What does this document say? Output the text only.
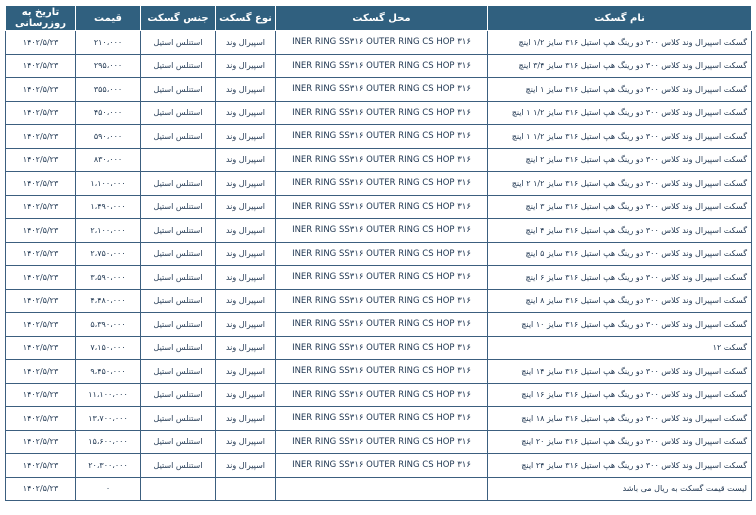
نام گسکت	محل گسکت	نوع گسکت	جنس گسکت	قیمت	تاریخ به روزرسانی
گسکت اسپیرال وند کلاس ۳۰۰ دو رینگ هپ استیل ۳۱۶ سایز ۱/۲ اینچ	INER RING SS۳۱۶ OUTER RING CS HOP ۳۱۶	اسپیرال وند	استنلس استیل	۲۱۰،۰۰۰	۱۴۰۲/۵/۲۳
گسکت اسپیرال وند کلاس ۳۰۰ دو رینگ هپ استیل ۳۱۶ سایز ۳/۴ اینچ	INER RING SS۳۱۶ OUTER RING CS HOP ۳۱۶	اسپیرال وند	استنلس استیل	۲۹۵،۰۰۰	۱۴۰۲/۵/۲۳
گسکت اسپیرال وند کلاس ۳۰۰ دو رینگ هپ استیل ۳۱۶ سایز ۱ اینچ	INER RING SS۳۱۶ OUTER RING CS HOP ۳۱۶	اسپیرال وند	استنلس استیل	۳۵۵،۰۰۰	۱۴۰۲/۵/۲۳
گسکت اسپیرال وند کلاس ۳۰۰ دو رینگ هپ استیل ۳۱۶ سایز ۱/۲ ۱ اینچ	INER RING SS۳۱۶ OUTER RING CS HOP ۳۱۶	اسپیرال وند	استنلس استیل	۴۵۰،۰۰۰	۱۴۰۲/۵/۲۳
گسکت اسپیرال وند کلاس ۳۰۰ دو رینگ هپ استیل ۳۱۶ سایز ۱/۲ ۱ اینچ	INER RING SS۳۱۶ OUTER RING CS HOP ۳۱۶	اسپیرال وند	استنلس استیل	۵۹۰،۰۰۰	۱۴۰۲/۵/۲۳
گسکت اسپیرال وند کلاس ۳۰۰ دو رینگ هپ استیل ۳۱۶ سایز ۲ اینچ	INER RING SS۳۱۶ OUTER RING CS HOP ۳۱۶	اسپیرال وند		۸۳۰،۰۰۰	۱۴۰۲/۵/۲۳
گسکت اسپیرال وند کلاس ۳۰۰ دو رینگ هپ استیل ۳۱۶ سایز ۱/۲ ۲ اینچ	INER RING SS۳۱۶ OUTER RING CS HOP ۳۱۶	اسپیرال وند	استنلس استیل	۱،۱۰۰،۰۰۰	۱۴۰۲/۵/۲۳
گسکت اسپیرال وند کلاس ۳۰۰ دو رینگ هپ استیل ۳۱۶ سایز ۳ اینچ	INER RING SS۳۱۶ OUTER RING CS HOP ۳۱۶	اسپیرال وند	استنلس استیل	۱،۴۹۰،۰۰۰	۱۴۰۲/۵/۲۳
گسکت اسپیرال وند کلاس ۳۰۰ دو رینگ هپ استیل ۳۱۶ سایز ۴ اینچ	INER RING SS۳۱۶ OUTER RING CS HOP ۳۱۶	اسپیرال وند	استنلس استیل	۲،۱۰۰،۰۰۰	۱۴۰۲/۵/۲۳
گسکت اسپیرال وند کلاس ۳۰۰ دو رینگ هپ استیل ۳۱۶ سایز ۵ اینچ	INER RING SS۳۱۶ OUTER RING CS HOP ۳۱۶	اسپیرال وند	استنلس استیل	۲،۷۵۰،۰۰۰	۱۴۰۲/۵/۲۳
گسکت اسپیرال وند کلاس ۳۰۰ دو رینگ هپ استیل ۳۱۶ سایز ۶ اینچ	INER RING SS۳۱۶ OUTER RING CS HOP ۳۱۶	اسپیرال وند	استنلس استیل	۳،۵۹۰،۰۰۰	۱۴۰۲/۵/۲۳
گسکت اسپیرال وند کلاس ۳۰۰ دو رینگ هپ استیل ۳۱۶ سایز ۸ اینچ	INER RING SS۳۱۶ OUTER RING CS HOP ۳۱۶	اسپیرال وند	استنلس استیل	۴،۴۸۰،۰۰۰	۱۴۰۲/۵/۲۳
گسکت اسپیرال وند کلاس ۳۰۰ دو رینگ هپ استیل ۳۱۶ سایز ۱۰ اینچ	INER RING SS۳۱۶ OUTER RING CS HOP ۳۱۶	اسپیرال وند	استنلس استیل	۵،۳۹۰،۰۰۰	۱۴۰۲/۵/۲۳
گسکت ۱۲	INER RING SS۳۱۶ OUTER RING CS HOP ۳۱۶	اسپیرال وند	استنلس استیل	۷،۱۵۰،۰۰۰	۱۴۰۲/۵/۲۳
گسکت اسپیرال وند کلاس ۳۰۰ دو رینگ هپ استیل ۳۱۶ سایز ۱۴ اینچ	INER RING SS۳۱۶ OUTER RING CS HOP ۳۱۶	اسپیرال وند	استنلس استیل	۹،۴۵۰،۰۰۰	۱۴۰۲/۵/۲۳
گسکت اسپیرال وند کلاس ۳۰۰ دو رینگ هپ استیل ۳۱۶ سایز ۱۶ اینچ	INER RING SS۳۱۶ OUTER RING CS HOP ۳۱۶	اسپیرال وند	استنلس استیل	۱۱،۱۰۰،۰۰۰	۱۴۰۲/۵/۲۳
گسکت اسپیرال وند کلاس ۳۰۰ دو رینگ هپ استیل ۳۱۶ سایز ۱۸ اینچ	INER RING SS۳۱۶ OUTER RING CS HOP ۳۱۶	اسپیرال وند	استنلس استیل	۱۳،۷۰۰،۰۰۰	۱۴۰۲/۵/۲۳
گسکت اسپیرال وند کلاس ۳۰۰ دو رینگ هپ استیل ۳۱۶ سایز ۲۰ اینچ	INER RING SS۳۱۶ OUTER RING CS HOP ۳۱۶	اسپیرال وند	استنلس استیل	۱۵،۶۰۰،۰۰۰	۱۴۰۲/۵/۲۳
گسکت اسپیرال وند کلاس ۳۰۰ دو رینگ هپ استیل ۳۱۶ سایز ۲۴ اینچ	INER RING SS۳۱۶ OUTER RING CS HOP ۳۱۶	اسپیرال وند	استنلس استیل	۲۰،۳۰۰،۰۰۰	۱۴۰۲/۵/۲۳
لیست قیمت گسکت به ریال می باشد				۰	۱۴۰۲/۵/۲۳
